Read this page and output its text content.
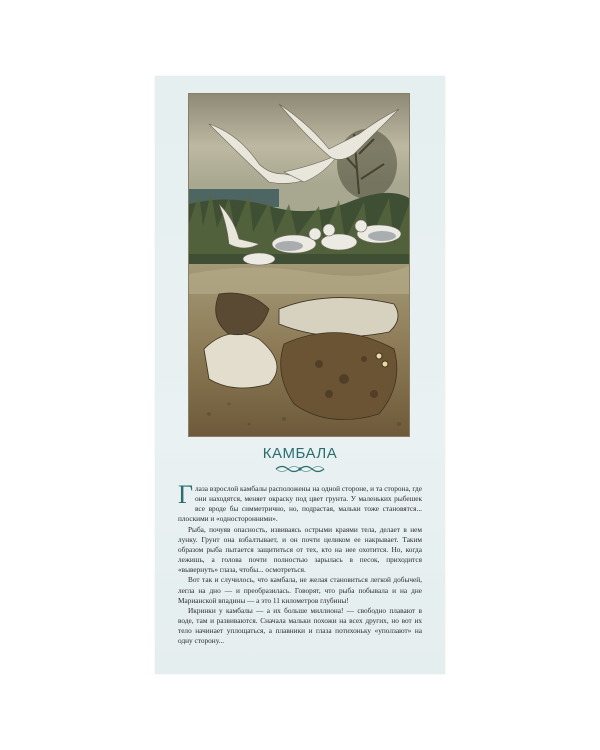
КАМБАЛА

Глаза взрослой камбалы расположены на одной стороне, и та сторона, где они находятся, меняет окраску под цвет грунта. У маленьких рыбешек все вроде бы симметрично, но, подрастая, мальки тоже становятся... плоскими и «односторонними».

Рыба, почуяв опасность, извиваясь острыми краями тела, делает в нем лунку. Грунт она взбалтывает, и он почти целиком ее накрывает. Таким образом рыба пытается защититься от тех, кто на нее охотится. Но, когда лежишь, а голова почти полностью зарылась в песок, приходится «вывернуть» глаза, чтобы... осмотреться.

Вот так и случилось, что камбала, не желая становиться легкой добычей, легла на дно — и преобразилась. Говорят, что рыба побывала и на дне Марианской впадины — а это 11 километров глубины!

Икринки у камбалы — а их больше миллиона! — свободно плавают в воде, там и развиваются. Сначала мальки похожи на всех других, но вот их тело начинает уплощаться, а плавники и глаза потихоньку «уползают» на одну сторону...
